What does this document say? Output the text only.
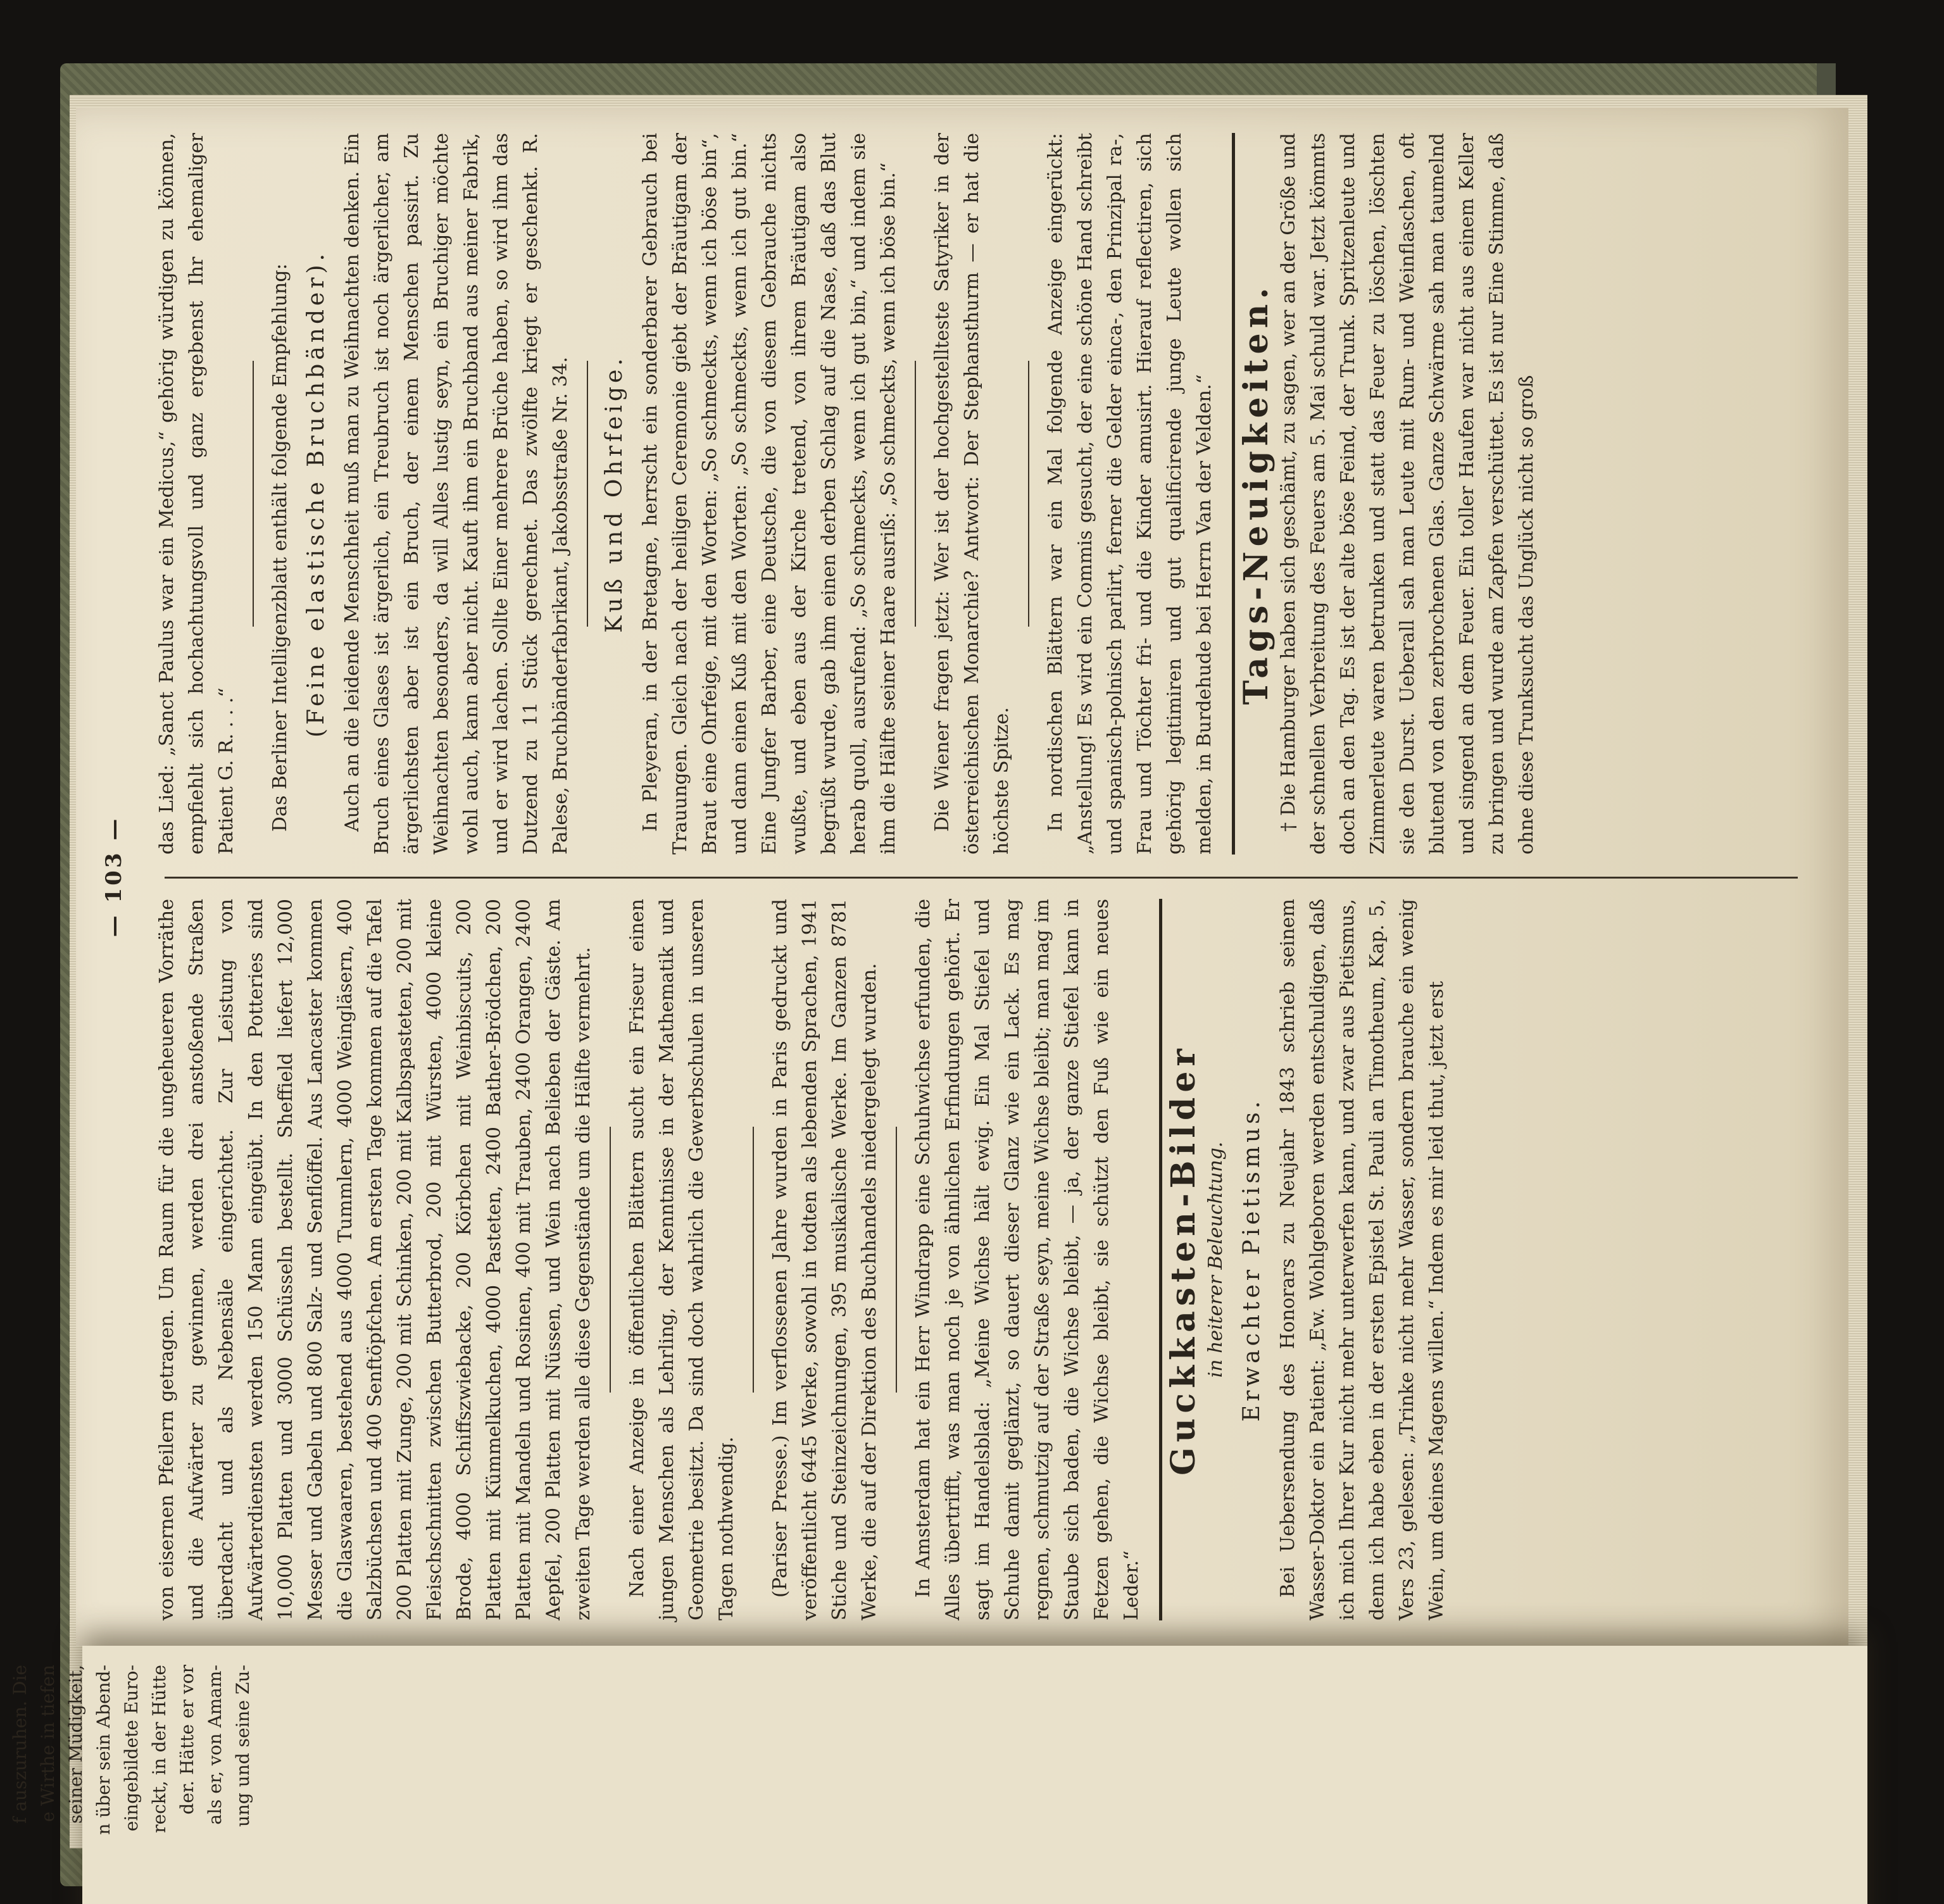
— 103 —

von eisernen Pfeilern getragen. Um Raum für die ungeheueren Vorräthe und die Aufwärter zu gewinnen, werden drei anstoßende Straßen überdacht und als Nebensäle eingerichtet. Zur Leistung von Aufwärterdiensten werden 150 Mann eingeübt. In den Potteries sind 10,000 Platten und 3000 Schüsseln bestellt. Sheffield liefert 12,000 Messer und Gabeln und 800 Salz- und Senflöffel. Aus Lancaster kommen die Glaswaaren, bestehend aus 4000 Tummlern, 4000 Weingläsern, 400 Salzbüchsen und 400 Senftöpfchen. Am ersten Tage kommen auf die Tafel 200 Platten mit Zunge, 200 mit Schinken, 200 mit Kalbspasteten, 200 mit Fleischschnitten zwischen Butterbrod, 200 mit Würsten, 4000 kleine Brode, 4000 Schiffszwiebacke, 200 Körbchen mit Weinbiscuits, 200 Platten mit Kümmelkuchen, 4000 Pasteten, 2400 Bather-Brödchen, 200 Platten mit Mandeln und Rosinen, 400 mit Trauben, 2400 Orangen, 2400 Aepfel, 200 Platten mit Nüssen, und Wein nach Belieben der Gäste. Am zweiten Tage werden alle diese Gegenstände um die Hälfte vermehrt. Nach einer Anzeige in öffentlichen Blättern sucht ein Friseur einen jungen Menschen als Lehrling, der Kenntnisse in der Mathematik und Geometrie besitzt. Da sind doch wahrlich die Gewerbschulen in unseren Tagen nothwendig. (Pariser Presse.) Im verflossenen Jahre wurden in Paris gedruckt und veröffentlicht 6445 Werke, sowohl in todten als lebenden Sprachen, 1941 Stiche und Steinzeichnungen, 395 musikalische Werke. Im Ganzen 8781 Werke, die auf der Direktion des Buchhandels niedergelegt wurden. In Amsterdam hat ein Herr Windrapp eine Schuhwichse erfunden, die Alles übertrifft, was man noch je von ähnlichen Erfindungen gehört. Er sagt im Handelsblad: „Meine Wichse hält ewig. Ein Mal Stiefel und Schuhe damit geglänzt, so dauert dieser Glanz wie ein Lack. Es mag regnen, schmutzig auf der Straße seyn, meine Wichse bleibt; man mag im Staube sich baden, die Wichse bleibt, — ja, der ganze Stiefel kann in Fetzen gehen, die Wichse bleibt, sie schützt den Fuß wie ein neues Leder.“

Guckkasten-Bilder in heiterer Beleuchtung. Erwachter Pietismus. Bei Uebersendung des Honorars zu Neujahr 1843 schrieb seinem Wasser-Doktor ein Patient: „Ew. Wohlgeboren werden entschuldigen, daß ich mich Ihrer Kur nicht mehr unterwerfen kann, und zwar aus Pietismus, denn ich habe eben in der ersten Epistel St. Pauli an Timotheum, Kap. 5, Vers 23, gelesen: „Trinke nicht mehr Wasser, sondern brauche ein wenig Wein, um deines Magens willen.“ Indem es mir leid thut, jetzt erst

das Lied: „Sanct Paulus war ein Medicus,“ gehörig würdigen zu können, empfiehlt sich hochachtungsvoll und ganz ergebenst Ihr ehemaliger Patient G. R. . . .“ Das Berliner Intelligenzblatt enthält folgende Empfehlung: (Feine elastische Bruchbänder). Auch an die leidende Menschheit muß man zu Weihnachten denken. Ein Bruch eines Glases ist ärgerlich, ein Treubruch ist noch ärgerlicher, am ärgerlichsten aber ist ein Bruch, der einem Menschen passirt. Zu Weihnachten besonders, da will Alles lustig seyn, ein Bruchiger möchte wohl auch, kann aber nicht. Kauft ihm ein Bruchband aus meiner Fabrik, und er wird lachen. Sollte Einer mehrere Brüche haben, so wird ihm das Dutzend zu 11 Stück gerechnet. Das zwölfte kriegt er geschenkt. R. Palese, Bruchbänderfabrikant, Jakobsstraße Nr. 34. Kuß und Ohrfeige. In Pleyeran, in der Bretagne, herrscht ein sonderbarer Gebrauch bei Trauungen. Gleich nach der heiligen Ceremonie giebt der Bräutigam der Braut eine Ohrfeige, mit den Worten: „So schmeckts, wenn ich böse bin“, und dann einen Kuß mit den Worten: „So schmeckts, wenn ich gut bin.“ Eine Jungfer Barber, eine Deutsche, die von diesem Gebrauche nichts wußte, und eben aus der Kirche tretend, von ihrem Bräutigam also begrüßt wurde, gab ihm einen derben Schlag auf die Nase, daß das Blut herab quoll, ausrufend: „So schmeckts, wenn ich gut bin,“ und indem sie ihm die Hälfte seiner Haare ausriß: „So schmeckts, wenn ich böse bin.“ Die Wiener fragen jetzt: Wer ist der hochgestellteste Satyriker in der österreichischen Monarchie? Antwort: Der Stephansthurm — er hat die höchste Spitze. In nordischen Blättern war ein Mal folgende Anzeige eingerückt: „Anstellung! Es wird ein Commis gesucht, der eine schöne Hand schreibt und spanisch-polnisch parlirt, ferner die Gelder einca-, den Prinzipal ra-, Frau und Töchter fri- und die Kinder amusirt. Hierauf reflectiren, sich gehörig legitimiren und gut qualificirende junge Leute wollen sich melden, in Burdehude bei Herrn Van der Velden.“ Tags-Neuigkeiten. † Die Hamburger haben sich geschämt, zu sagen, wer an der Größe und der schnellen Verbreitung des Feuers am 5. Mai schuld war. Jetzt kömmts doch an den Tag. Es ist der alte böse Feind, der Trunk. Spritzenleute und Zimmerleute waren betrunken und statt das Feuer zu löschen, löschten sie den Durst. Ueberall sah man Leute mit Rum- und Weinflaschen, oft blutend von den zerbrochenen Glas. Ganze Schwärme sah man taumelnd und singend an dem Feuer. Ein toller Haufen war nicht aus einem Keller zu bringen und wurde am Zapfen verschüttet. Es ist nur Eine Stimme, daß ohne diese Trunksucht das Unglück nicht so groß

f auszuruhen. Die e Wirthe in tiefen seiner Müdigkeit, n über sein Abend- eingebildete Euro- reckt, in der Hütte der. Hätte er vor als er, von Amam- ung und seine Zu-
